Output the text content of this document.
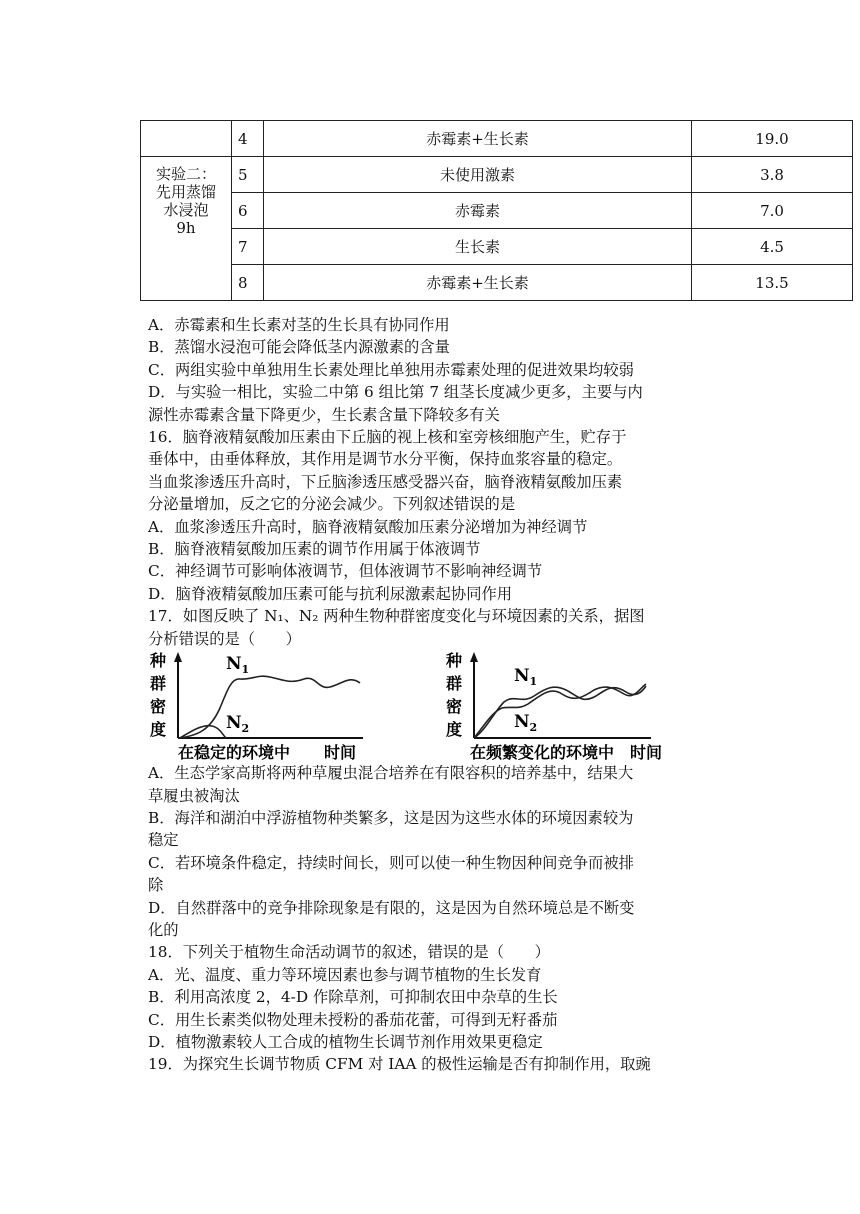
	4	赤霉素+生长素	19.0

实验二：先用蒸馏水浸泡9h	5	未使用激素	3.8
	6	赤霉素	7.0
	7	生长素	4.5
	8	赤霉素+生长素	13.5
A．赤霉素和生长素对茎的生长具有协同作用
B．蒸馏水浸泡可能会降低茎内源激素的含量
C．两组实验中单独用生长素处理比单独用赤霉素处理的促进效果均较弱
D．与实验一相比，实验二中第 6 组比第 7 组茎长度减少更多，主要与内
源性赤霉素含量下降更少，生长素含量下降较多有关
16．脑脊液精氨酸加压素由下丘脑的视上核和室旁核细胞产生，贮存于
垂体中，由垂体释放，其作用是调节水分平衡，保持血浆容量的稳定。
当血浆渗透压升高时，下丘脑渗透压感受器兴奋，脑脊液精氨酸加压素
分泌量增加，反之它的分泌会减少。下列叙述错误的是
A．血浆渗透压升高时，脑脊液精氨酸加压素分泌增加为神经调节
B．脑脊液精氨酸加压素的调节作用属于体液调节
C．神经调节可影响体液调节，但体液调节不影响神经调节
D．脑脊液精氨酸加压素可能与抗利尿激素起协同作用
17．如图反映了 N₁、N₂ 两种生物种群密度变化与环境因素的关系，据图
分析错误的是（　　）
A．生态学家高斯将两种草履虫混合培养在有限容积的培养基中，结果大
草履虫被淘汰
B．海洋和湖泊中浮游植物种类繁多，这是因为这些水体的环境因素较为
稳定
C．若环境条件稳定，持续时间长，则可以使一种生物因种间竞争而被排
除
D．自然群落中的竞争排除现象是有限的，这是因为自然环境总是不断变
化的
18．下列关于植物生命活动调节的叙述，错误的是（　　）
A．光、温度、重力等环境因素也参与调节植物的生长发育
B．利用高浓度 2，4-D 作除草剂，可抑制农田中杂草的生长
C．用生长素类似物处理未授粉的番茄花蕾，可得到无籽番茄
D．植物激素较人工合成的植物生长调节剂作用效果更稳定
19．为探究生长调节物质 CFM 对 IAA 的极性运输是否有抑制作用，取豌
种
群
密
度
$N_1$
$N_2$
在稳定的环境中 时间
种
群
密
度
$N_1$
$N_2$
在频繁变化的环境中 时间
